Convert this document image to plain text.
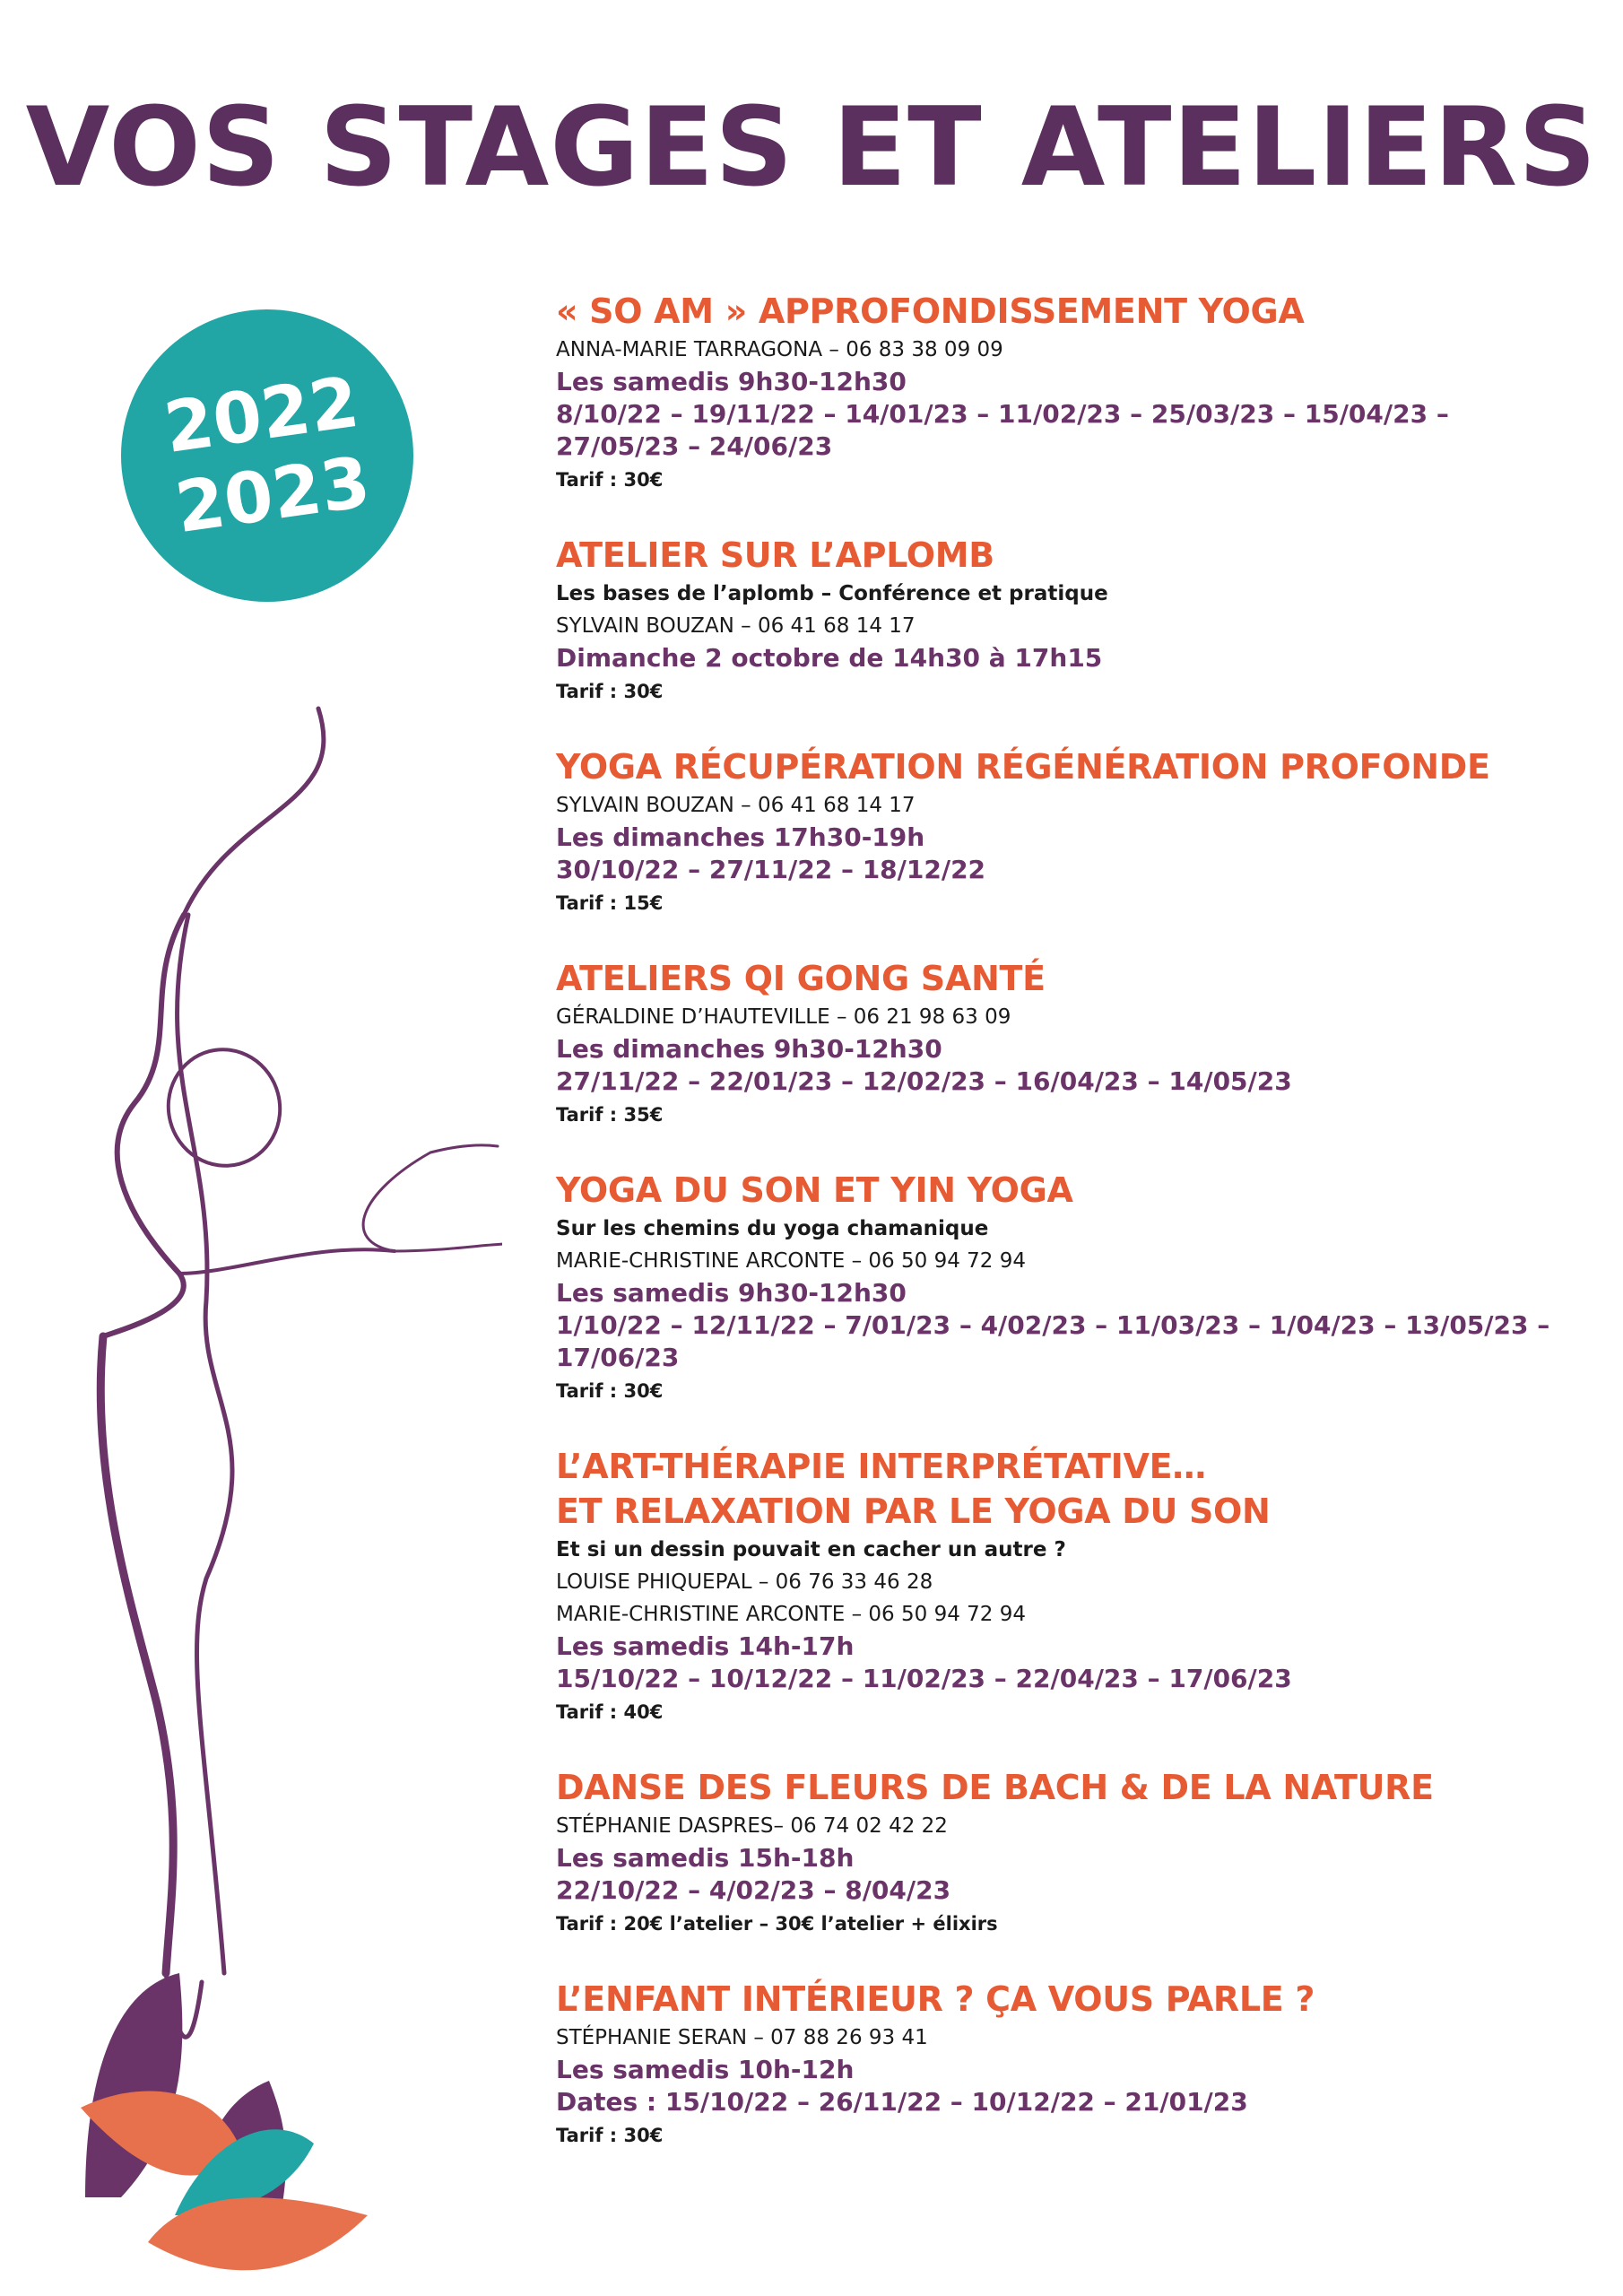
VOS STAGES ET ATELIERS
2022
2023
« SO AM » APPROFONDISSEMENT YOGA
ANNA-MARIE TARRAGONA – 06 83 38 09 09
Les samedis 9h30-12h30
8/10/22 – 19/11/22 – 14/01/23 – 11/02/23 – 25/03/23 – 15/04/23 – 27/05/23 – 24/06/23
Tarif : 30€
ATELIER SUR L’APLOMB
Les bases de l’aplomb – Conférence et pratique
SYLVAIN BOUZAN – 06 41 68 14 17
Dimanche 2 octobre de 14h30 à 17h15
Tarif : 30€
YOGA RÉCUPÉRATION RÉGÉNÉRATION PROFONDE
SYLVAIN BOUZAN – 06 41 68 14 17
Les dimanches 17h30-19h
30/10/22 – 27/11/22 – 18/12/22
Tarif : 15€
ATELIERS QI GONG SANTÉ
GÉRALDINE D’HAUTEVILLE – 06 21 98 63 09
Les dimanches 9h30-12h30
27/11/22 – 22/01/23 – 12/02/23 – 16/04/23 – 14/05/23
Tarif : 35€
YOGA DU SON ET YIN YOGA
Sur les chemins du yoga chamanique
MARIE-CHRISTINE ARCONTE – 06 50 94 72 94
Les samedis 9h30-12h30
1/10/22 – 12/11/22 – 7/01/23 – 4/02/23 – 11/03/23 – 1/04/23 – 13/05/23 – 17/06/23
Tarif : 30€
L’ART-THÉRAPIE INTERPRÉTATIVE…
ET RELAXATION PAR LE YOGA DU SON
Et si un dessin pouvait en cacher un autre ?
LOUISE PHIQUEPAL – 06 76 33 46 28
MARIE-CHRISTINE ARCONTE – 06 50 94 72 94
Les samedis 14h-17h
15/10/22 – 10/12/22 – 11/02/23 – 22/04/23 – 17/06/23
Tarif : 40€
DANSE DES FLEURS DE BACH & DE LA NATURE
STÉPHANIE DASPRES– 06 74 02 42 22
Les samedis 15h-18h
22/10/22 – 4/02/23 – 8/04/23
Tarif : 20€ l’atelier – 30€ l’atelier + élixirs
L’ENFANT INTÉRIEUR ? ÇA VOUS PARLE ?
STÉPHANIE SERAN – 07 88 26 93 41
Les samedis 10h-12h
Dates : 15/10/22 – 26/11/22 – 10/12/22 – 21/01/23
Tarif : 30€
